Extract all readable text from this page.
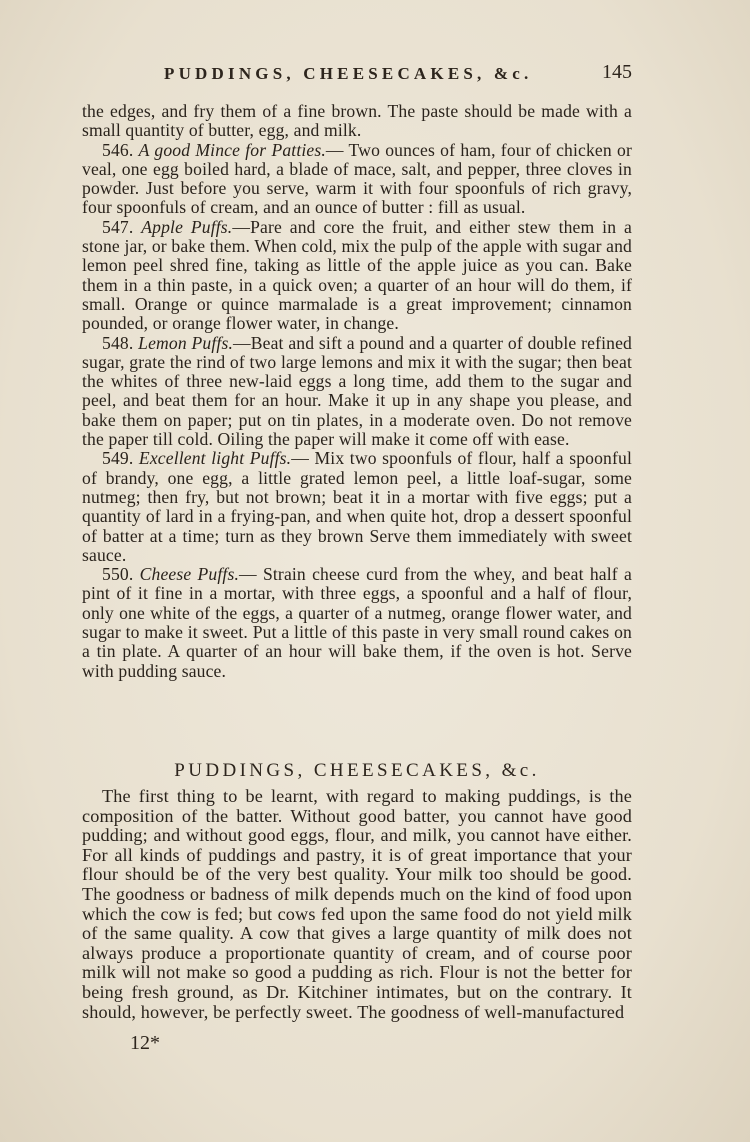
PUDDINGS, CHEESECAKES, &c.	145

the edges, and fry them of a fine brown. The paste should be made with a small quantity of butter, egg, and milk.

546. A good Mince for Patties.— Two ounces of ham, four of chicken or veal, one egg boiled hard, a blade of mace, salt, and pepper, three cloves in powder. Just before you serve, warm it with four spoonfuls of rich gravy, four spoonfuls of cream, and an ounce of butter : fill as usual.

547. Apple Puffs.—Pare and core the fruit, and either stew them in a stone jar, or bake them. When cold, mix the pulp of the apple with sugar and lemon peel shred fine, taking as little of the apple juice as you can. Bake them in a thin paste, in a quick oven; a quarter of an hour will do them, if small. Orange or quince marmalade is a great improvement; cinnamon pounded, or orange flower water, in change.

548. Lemon Puffs.—Beat and sift a pound and a quarter of double refined sugar, grate the rind of two large lemons and mix it with the sugar; then beat the whites of three new-laid eggs a long time, add them to the sugar and peel, and beat them for an hour. Make it up in any shape you please, and bake them on paper; put on tin plates, in a moderate oven. Do not remove the paper till cold. Oiling the paper will make it come off with ease.

549. Excellent light Puffs.— Mix two spoonfuls of flour, half a spoonful of brandy, one egg, a little grated lemon peel, a little loaf-sugar, some nutmeg; then fry, but not brown; beat it in a mortar with five eggs; put a quantity of lard in a frying-pan, and when quite hot, drop a dessert spoonful of batter at a time; turn as they brown Serve them immediately with sweet sauce.

550. Cheese Puffs.— Strain cheese curd from the whey, and beat half a pint of it fine in a mortar, with three eggs, a spoonful and a half of flour, only one white of the eggs, a quarter of a nutmeg, orange flower water, and sugar to make it sweet. Put a little of this paste in very small round cakes on a tin plate. A quarter of an hour will bake them, if the oven is hot. Serve with pudding sauce.

PUDDINGS, CHEESECAKES, &c.

The first thing to be learnt, with regard to making puddings, is the composition of the batter. Without good batter, you cannot have good pudding; and without good eggs, flour, and milk, you cannot have either. For all kinds of puddings and pastry, it is of great importance that your flour should be of the very best quality. Your milk too should be good. The goodness or badness of milk depends much on the kind of food upon which the cow is fed; but cows fed upon the same food do not yield milk of the same quality. A cow that gives a large quantity of milk does not always produce a proportionate quantity of cream, and of course poor milk will not make so good a pudding as rich. Flour is not the better for being fresh ground, as Dr. Kitchiner intimates, but on the contrary. It should, however, be perfectly sweet. The goodness of well-manufactured

12*
